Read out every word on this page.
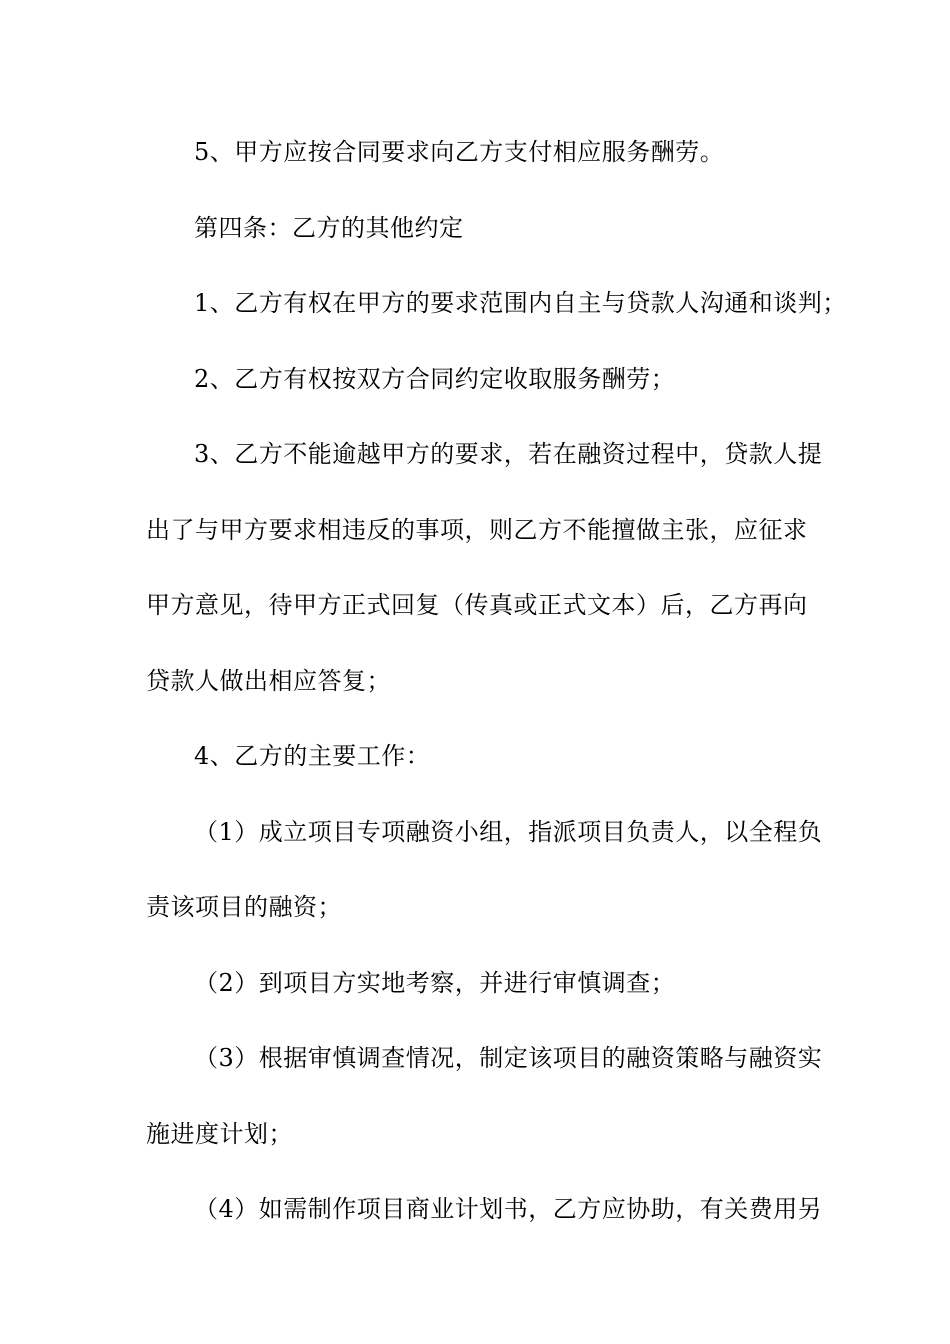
5、甲方应按合同要求向乙方支付相应服务酬劳。
第四条：乙方的其他约定
1、乙方有权在甲方的要求范围内自主与贷款人沟通和谈判；
2、乙方有权按双方合同约定收取服务酬劳；
3、乙方不能逾越甲方的要求，若在融资过程中，贷款人提
出了与甲方要求相违反的事项，则乙方不能擅做主张，应征求
甲方意见，待甲方正式回复（传真或正式文本）后，乙方再向
贷款人做出相应答复；
4、乙方的主要工作：
（1）成立项目专项融资小组，指派项目负责人，以全程负
责该项目的融资；
（2）到项目方实地考察，并进行审慎调查；
（3）根据审慎调查情况，制定该项目的融资策略与融资实
施进度计划；
（4）如需制作项目商业计划书，乙方应协助，有关费用另
